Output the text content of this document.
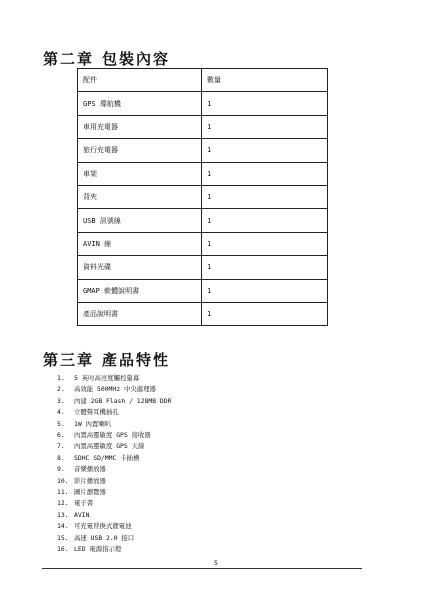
第二章 包裝內容
配件	數量
GPS 導航機	1
車用充電器	1
旅行充電器	1
車架	1
背夾	1
USB 訊號線	1
AVIN 線	1
資料光碟	1
GMAP 軟體說明書	1
產品說明書	1
第三章 產品特性
1. 5 英吋高亮度觸控螢幕
2. 高效能 500MHz 中央處理器
3. 內建 2GB Flash / 128MB DDR
4. 立體聲耳機插孔
5. 1W 內置喇叭
6. 內置高靈敏度 GPS 接收器
7. 內置高靈敏度 GPS 天線
8. SDHC SD/MMC 卡插槽
9. 音樂播放器
10. 影片播放器
11. 圖片瀏覽器
12. 電子書
13. AVIN
14. 可充電替換式鋰電池
15. 高速 USB 2.0 接口
16. LED 電源指示燈
5
